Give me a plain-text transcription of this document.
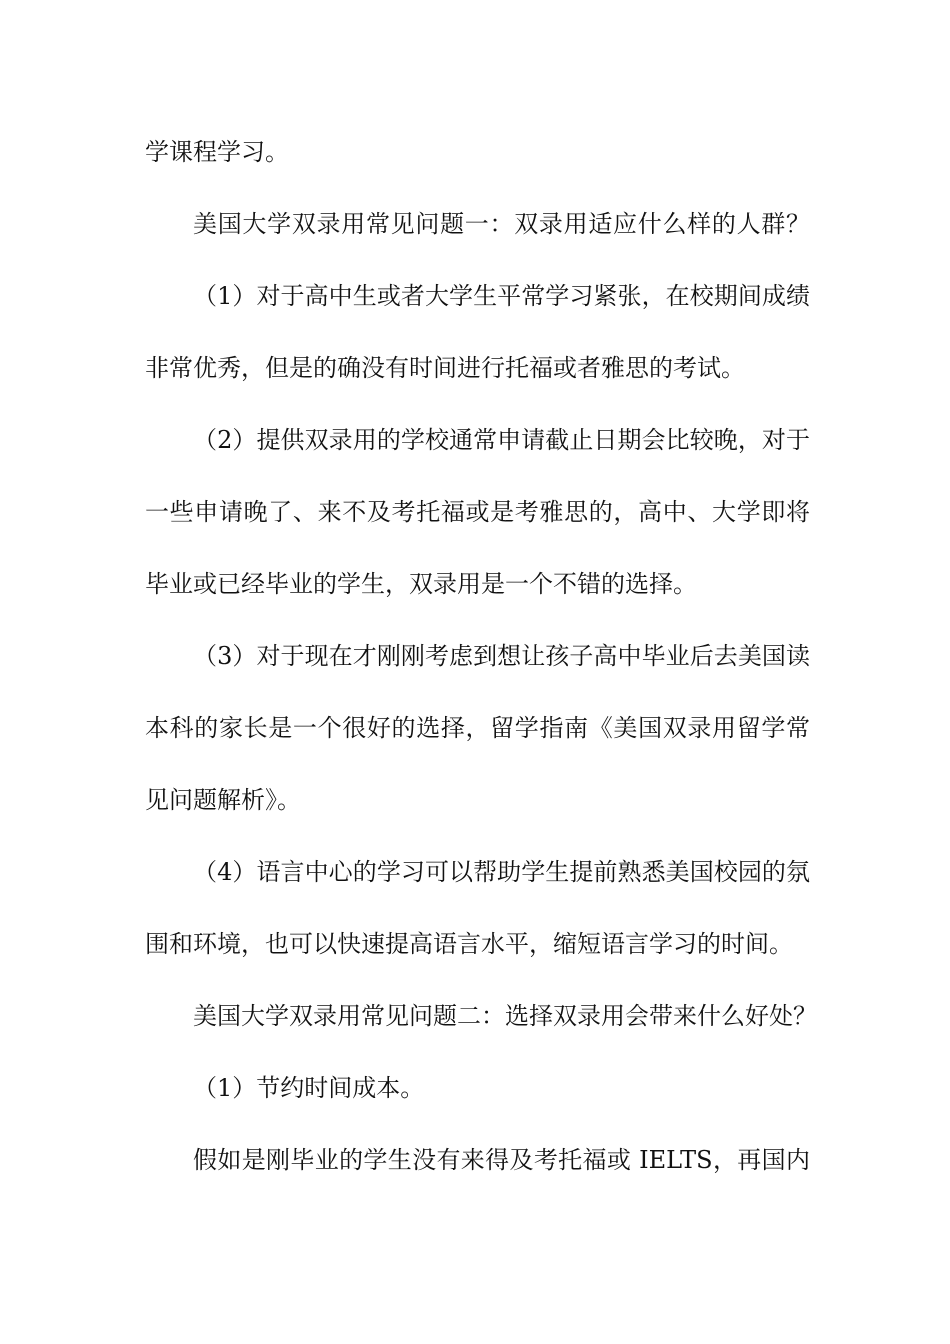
学课程学习。
美国大学双录用常见问题一：双录用适应什么样的人群？
（1）对于高中生或者大学生平常学习紧张，在校期间成绩
非常优秀，但是的确没有时间进行托福或者雅思的考试。
（2）提供双录用的学校通常申请截止日期会比较晚，对于
一些申请晚了、来不及考托福或是考雅思的，高中、大学即将
毕业或已经毕业的学生，双录用是一个不错的选择。
（3）对于现在才刚刚考虑到想让孩子高中毕业后去美国读
本科的家长是一个很好的选择，留学指南《美国双录用留学常
见问题解析》。
（4）语言中心的学习可以帮助学生提前熟悉美国校园的氛
围和环境，也可以快速提高语言水平，缩短语言学习的时间。
美国大学双录用常见问题二：选择双录用会带来什么好处？
（1）节约时间成本。
假如是刚毕业的学生没有来得及考托福或 IELTS，再国内
